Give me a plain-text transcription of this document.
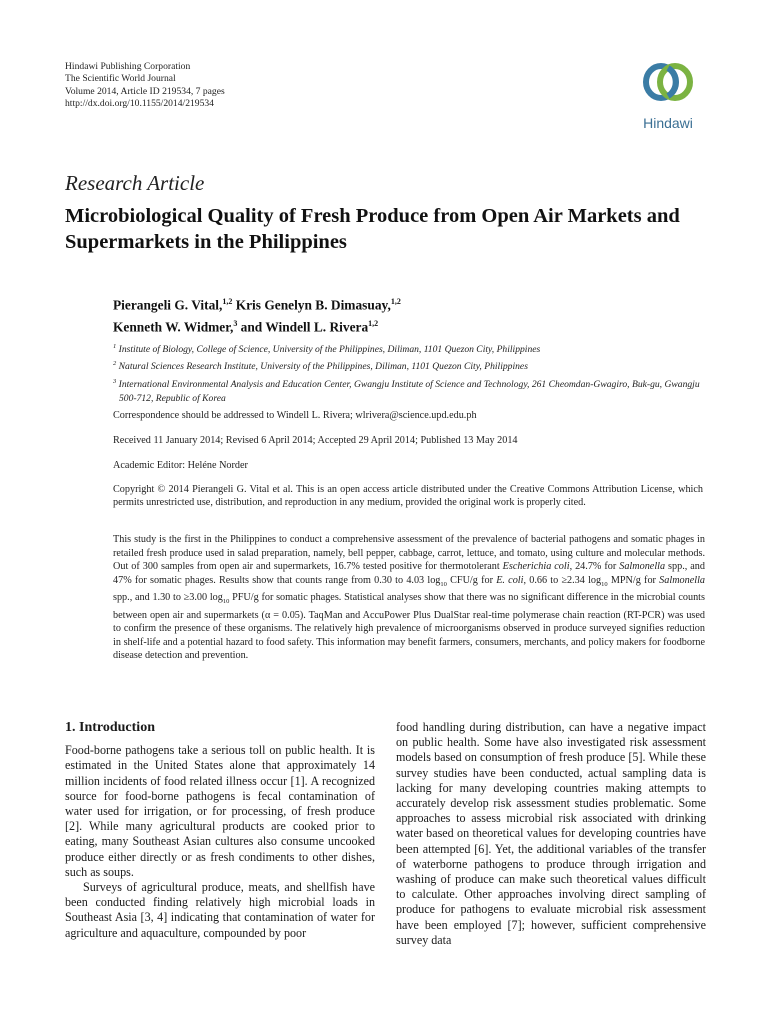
Hindawi Publishing Corporation
The Scientific World Journal
Volume 2014, Article ID 219534, 7 pages
http://dx.doi.org/10.1155/2014/219534
Hindawi
Research Article
Microbiological Quality of Fresh Produce from Open Air Markets and Supermarkets in the Philippines
Pierangeli G. Vital,$^{1,2}$ Kris Genelyn B. Dimasuay,$^{1,2}$
Kenneth W. Widmer,$^3$ and Windell L. Rivera$^{1,2}$
$^1$ Institute of Biology, College of Science, University of the Philippines, Diliman, 1101 Quezon City, Philippines
$^2$ Natural Sciences Research Institute, University of the Philippines, Diliman, 1101 Quezon City, Philippines
$^3$ International Environmental Analysis and Education Center, Gwangju Institute of Science and Technology, 261 Cheomdan-Gwagiro, Buk-gu, Gwangju 500-712, Republic of Korea
Correspondence should be addressed to Windell L. Rivera; wlrivera@science.upd.edu.ph
Received 11 January 2014; Revised 6 April 2014; Accepted 29 April 2014; Published 13 May 2014
Academic Editor: Heléne Norder
Copyright © 2014 Pierangeli G. Vital et al. This is an open access article distributed under the Creative Commons Attribution License, which permits unrestricted use, distribution, and reproduction in any medium, provided the original work is properly cited.
This study is the first in the Philippines to conduct a comprehensive assessment of the prevalence of bacterial pathogens and somatic phages in retailed fresh produce used in salad preparation, namely, bell pepper, cabbage, carrot, lettuce, and tomato, using culture and molecular methods. Out of 300 samples from open air and supermarkets, 16.7% tested positive for thermotolerant Escherichia coli, 24.7% for Salmonella spp., and 47% for somatic phages. Results show that counts range from 0.30 to 4.03 $\log_{10} CFU/g$ for E. coli, 0.66 to ≥2.34 $\log_{10} MPN/g$ for Salmonella spp., and 1.30 to ≥3.00 $\log_{10} PFU/g$ for somatic phages. Statistical analyses show that there was no significant difference in the microbial counts between open air and supermarkets (α = 0.05). TaqMan and AccuPower Plus DualStar real-time polymerase chain reaction (RT-PCR) was used to confirm the presence of these organisms. The relatively high prevalence of microorganisms observed in produce surveyed signifies reduction in shelf-life and a potential hazard to food safety. This information may benefit farmers, consumers, merchants, and policy makers for foodborne disease detection and prevention.
1. Introduction

Food-borne pathogens take a serious toll on public health. It is estimated in the United States alone that approximately 14 million incidents of food related illness occur [1]. A recognized source for food-borne pathogens is fecal contamination of water used for irrigation, or for processing, of fresh produce [2]. While many agricultural products are cooked prior to eating, many Southeast Asian cultures also consume uncooked produce either directly or as fresh condiments to other dishes, such as soups.

Surveys of agricultural produce, meats, and shellfish have been conducted finding relatively high microbial loads in Southeast Asia [3, 4] indicating that contamination of water for agriculture and aquaculture, compounded by poor

food handling during distribution, can have a negative impact on public health. Some have also investigated risk assessment models based on consumption of fresh produce [5]. While these survey studies have been conducted, actual sampling data is lacking for many developing countries making attempts to accurately develop risk assessment studies problematic. Some approaches to assess microbial risk associated with drinking water based on theoretical values for developing countries have been attempted [6]. Yet, the additional variables of the transfer of waterborne pathogens to produce through irrigation and washing of produce can make such theoretical values difficult to calculate. Other approaches involving direct sampling of produce for pathogens to evaluate microbial risk assessment have been employed [7]; however, sufficient comprehensive survey data
